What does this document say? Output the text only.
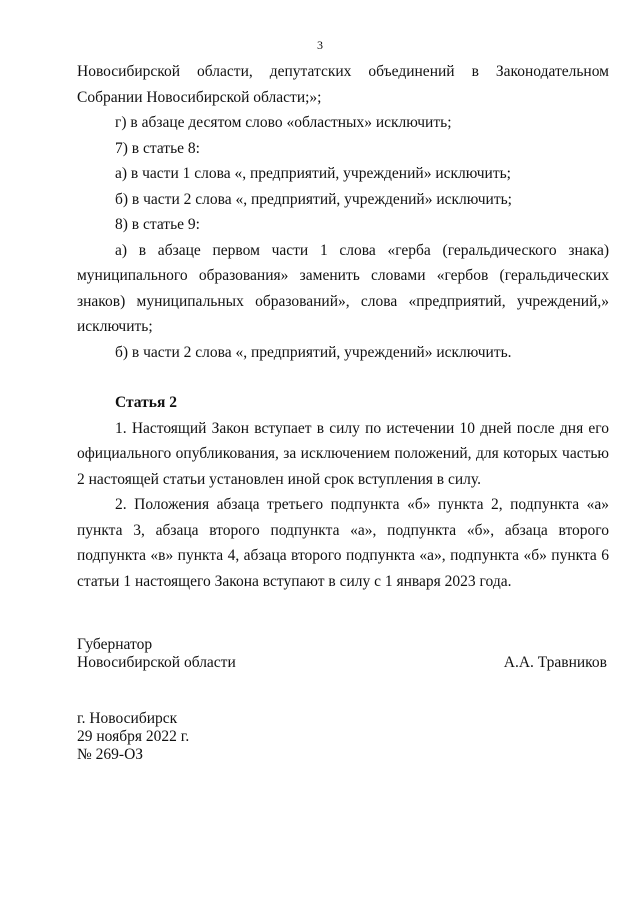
3

Новосибирской области, депутатских объединений в Законодательном Собрании Новосибирской области;»;

г) в абзаце десятом слово «областных» исключить;

7) в статье 8:

а) в части 1 слова «, предприятий, учреждений» исключить;

б) в части 2 слова «, предприятий, учреждений» исключить;

8) в статье 9:

а) в абзаце первом части 1 слова «герба (геральдического знака) муниципального образования» заменить словами «гербов (геральдических знаков) муниципальных образований», слова «предприятий, учреждений,» исключить;

б) в части 2 слова «, предприятий, учреждений» исключить.

Статья 2

1. Настоящий Закон вступает в силу по истечении 10 дней после дня его официального опубликования, за исключением положений, для которых частью 2 настоящей статьи установлен иной срок вступления в силу.

2. Положения абзаца третьего подпункта «б» пункта 2, подпункта «а» пункта 3, абзаца второго подпункта «а», подпункта «б», абзаца второго подпункта «в» пункта 4, абзаца второго подпункта «а», подпункта «б» пункта 6 статьи 1 настоящего Закона вступают в силу с 1 января 2023 года.

Губернатор
Новосибирской области	А.А. Травников
г. Новосибирск
29 ноября 2022 г.
№ 269-ОЗ
